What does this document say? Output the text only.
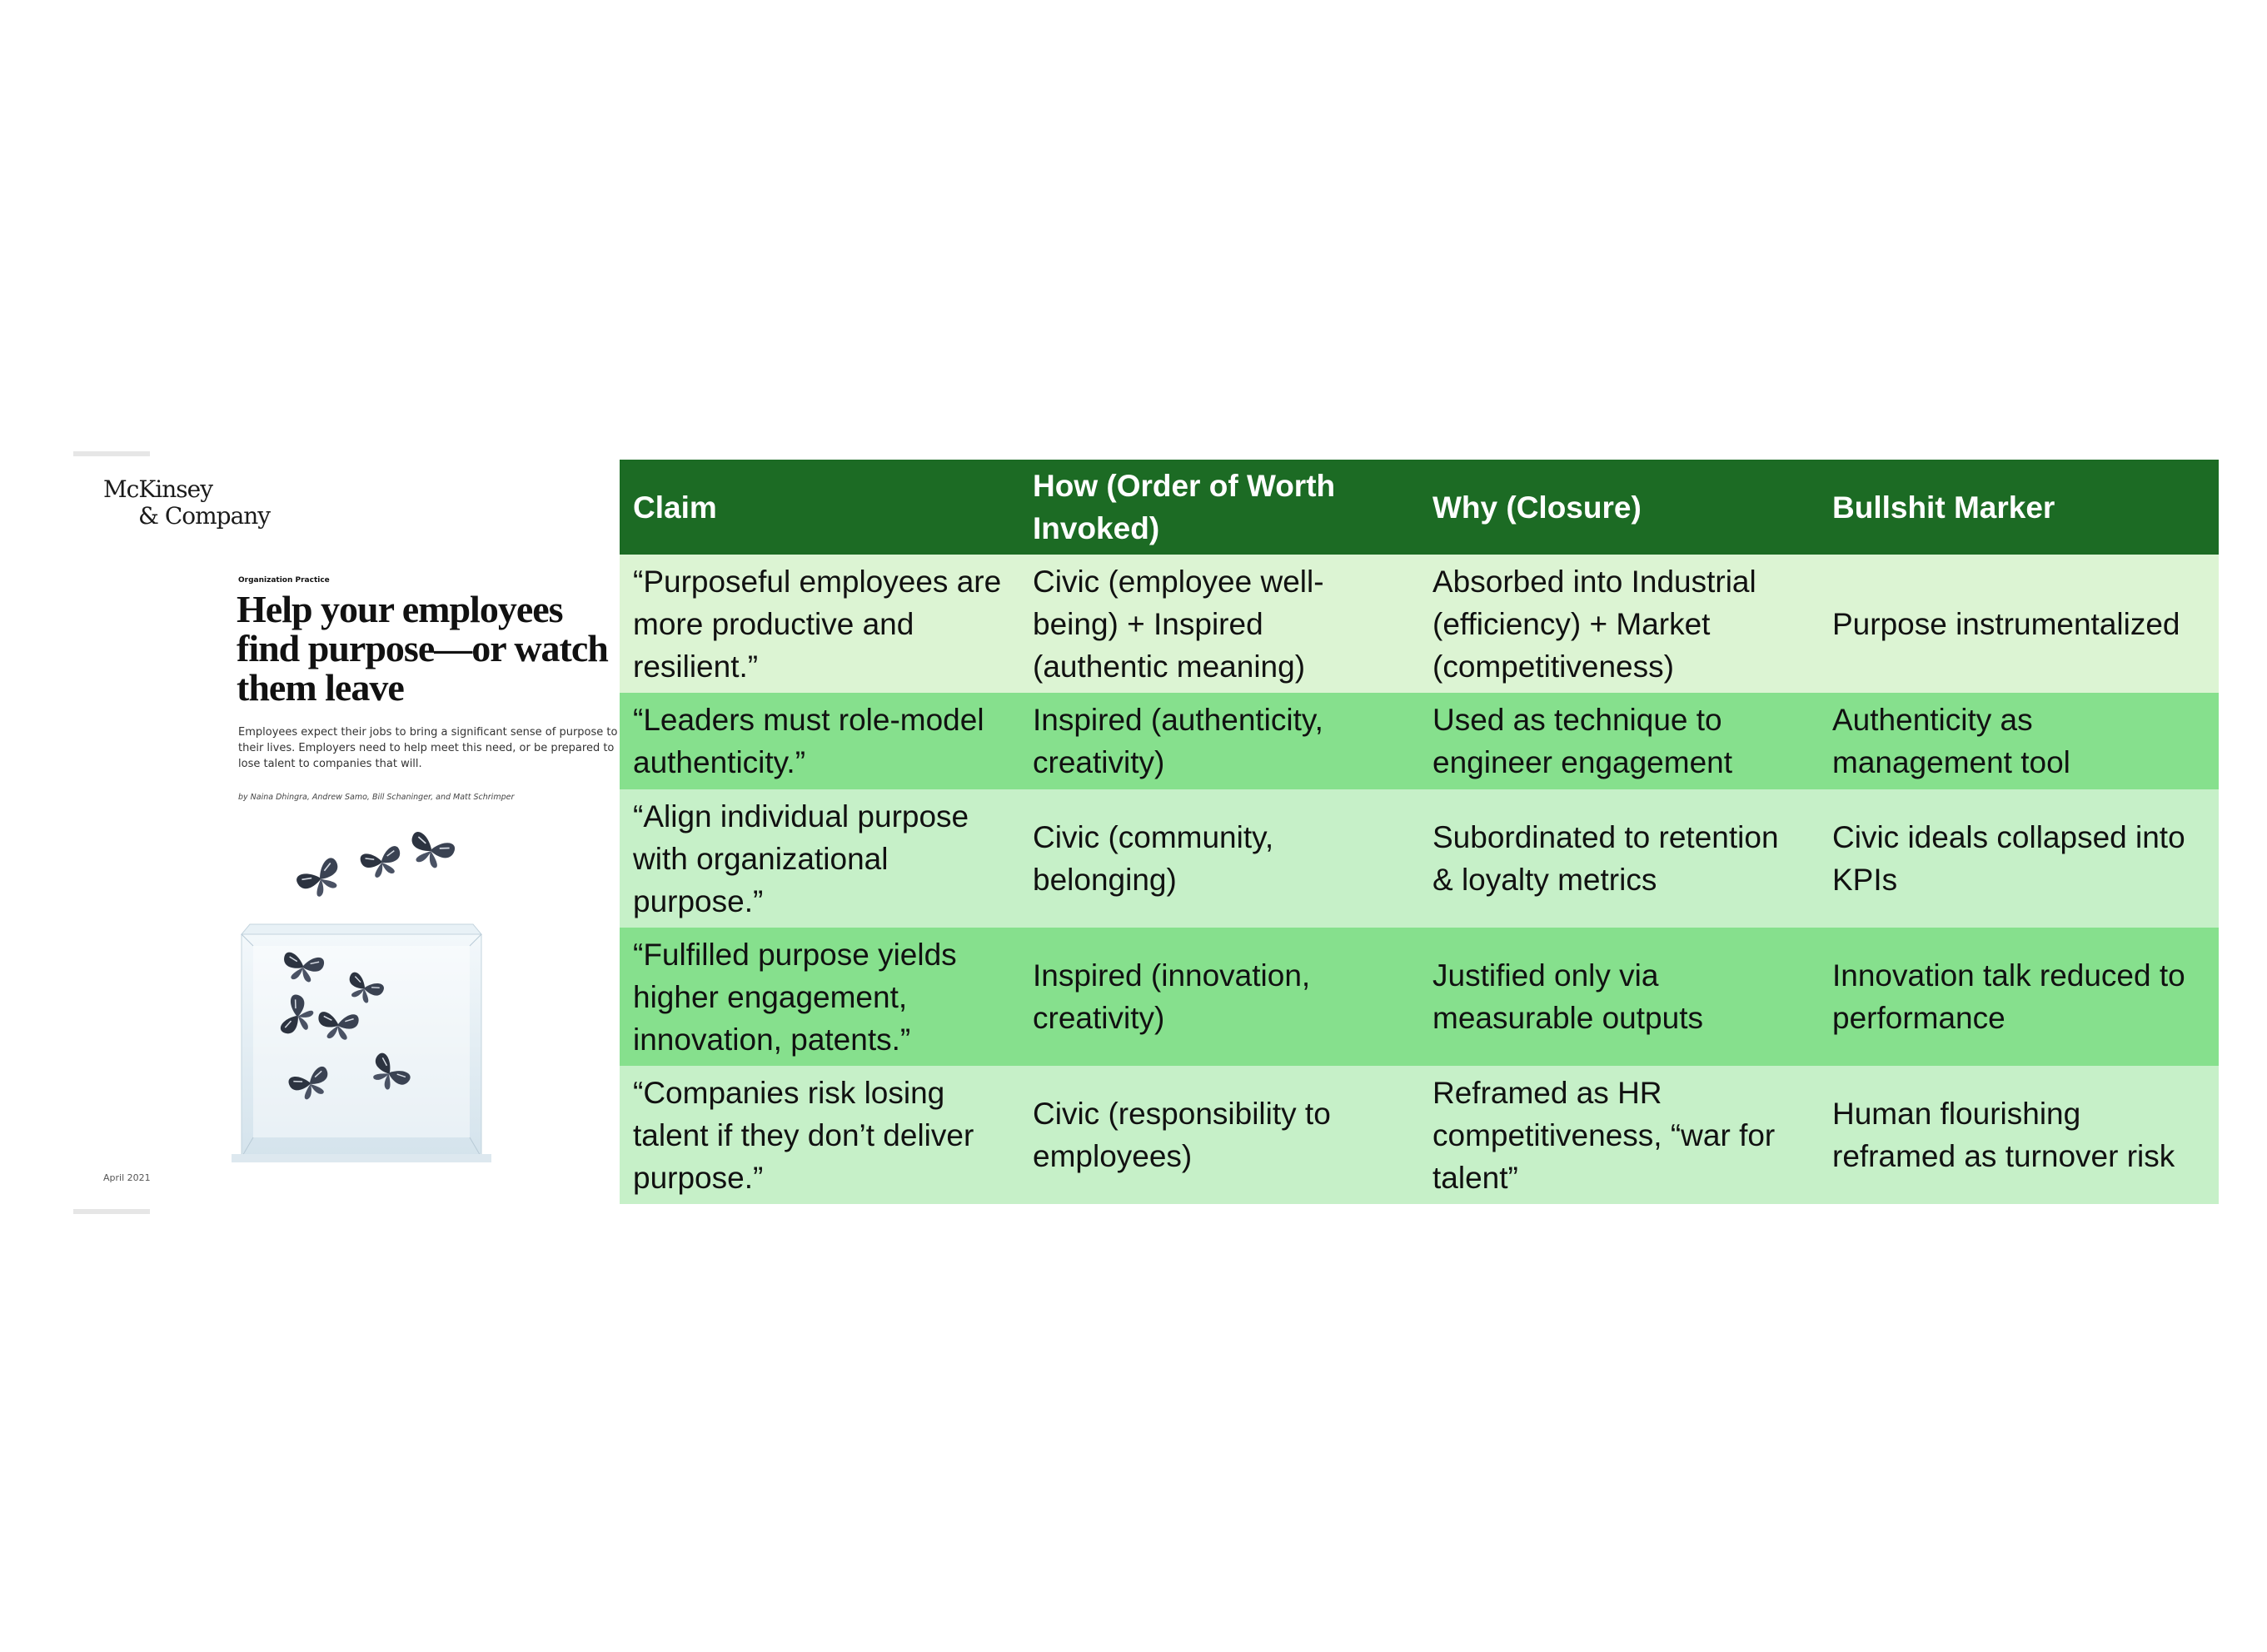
McKinsey
& Company
Organization Practice
Help your employees
find purpose—or watch
them leave
Employees expect their jobs to bring a significant sense of purpose to their lives. Employers need to help meet this need, or be prepared to lose talent to companies that will.
by Naina Dhingra, Andrew Samo, Bill Schaninger, and Matt Schrimper
April 2021
Claim	How (Order of Worth Invoked)	Why (Closure)	Bullshit Marker
“Purposeful employees are more productive and resilient.”	Civic (employee well-being) + Inspired (authentic meaning)	Absorbed into Industrial (efficiency) + Market (competitiveness)	Purpose instrumentalized
“Leaders must role-model authenticity.”	Inspired (authenticity, creativity)	Used as technique to engineer engagement	Authenticity as management tool
“Align individual purpose with organizational purpose.”	Civic (community, belonging)	Subordinated to retention & loyalty metrics	Civic ideals collapsed into KPIs
“Fulfilled purpose yields higher engagement, innovation, patents.”	Inspired (innovation, creativity)	Justified only via measurable outputs	Innovation talk reduced to performance
“Companies risk losing talent if they don’t deliver purpose.”	Civic (responsibility to employees)	Reframed as HR competitiveness, “war for talent”	Human flourishing reframed as turnover risk
